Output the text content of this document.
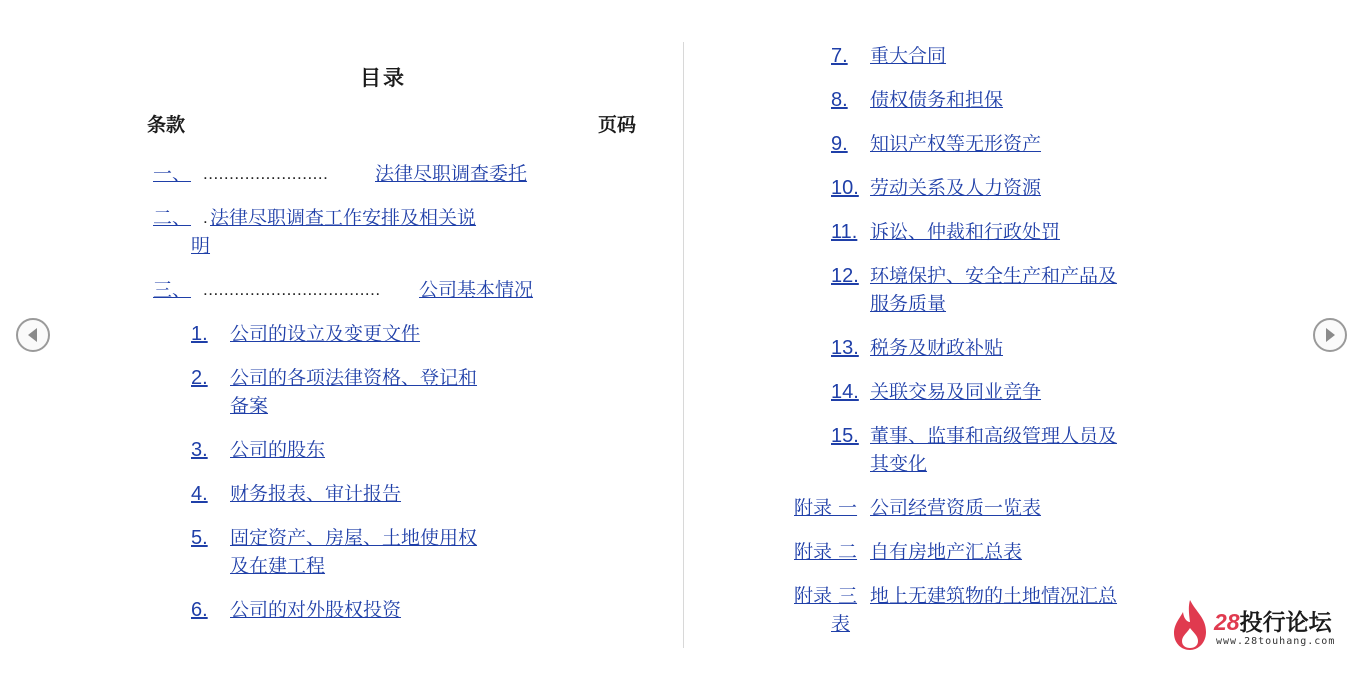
目录
条款	页码
一、 ........................	法律尽职调查委托
二、 . 法律尽职调查工作安排及相关说
明
三、 ..................................	公司基本情况
1. 公司的设立及变更文件
2. 公司的各项法律资格、登记和
备案
3. 公司的股东
4. 财务报表、审计报告
5. 固定资产、房屋、土地使用权
及在建工程
6. 公司的对外股权投资
7. 重大合同
8. 债权债务和担保
9. 知识产权等无形资产
10. 劳动关系及人力资源
11. 诉讼、仲裁和行政处罚
12. 环境保护、安全生产和产品及
服务质量
13. 税务及财政补贴
14. 关联交易及同业竞争
15. 董事、监事和高级管理人员及
其变化
附录 一 公司经营资质一览表
附录 二 自有房地产汇总表
附录 三 地上无建筑物的土地情况汇总
表	28投行论坛
www.28touhang.com
